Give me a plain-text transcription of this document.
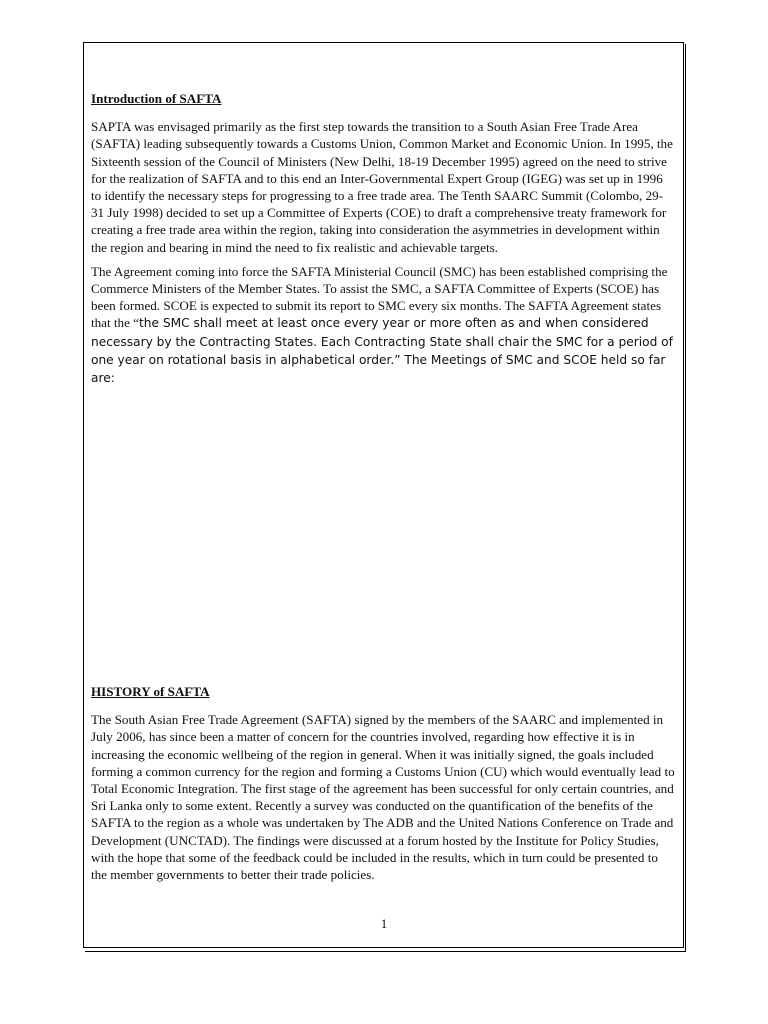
Introduction of SAFTA

SAPTA was envisaged primarily as the first step towards the transition to a South Asian Free Trade Area (SAFTA) leading subsequently towards a Customs Union, Common Market and Economic Union. In 1995, the Sixteenth session of the Council of Ministers (New Delhi, 18-19 December 1995) agreed on the need to strive for the realization of SAFTA and to this end an Inter-Governmental Expert Group (IGEG) was set up in 1996 to identify the necessary steps for progressing to a free trade area. The Tenth SAARC Summit (Colombo, 29-31 July 1998) decided to set up a Committee of Experts (COE) to draft a comprehensive treaty framework for creating a free trade area within the region, taking into consideration the asymmetries in development within the region and bearing in mind the need to fix realistic and achievable targets.

The Agreement coming into force the SAFTA Ministerial Council (SMC) has been established comprising the Commerce Ministers of the Member States. To assist the SMC, a SAFTA Committee of Experts (SCOE) has been formed. SCOE is expected to submit its report to SMC every six months. The SAFTA Agreement states that the “the SMC shall meet at least once every year or more often as and when considered necessary by the Contracting States. Each Contracting State shall chair the SMC for a period of one year on rotational basis in alphabetical order.” The Meetings of SMC and SCOE held so far are:

HISTORY of SAFTA

The South Asian Free Trade Agreement (SAFTA) signed by the members of the SAARC and implemented in July 2006, has since been a matter of concern for the countries involved, regarding how effective it is in increasing the economic wellbeing of the region in general. When it was initially signed, the goals included forming a common currency for the region and forming a Customs Union (CU) which would eventually lead to Total Economic Integration. The first stage of the agreement has been successful for only certain countries, and Sri Lanka only to some extent. Recently a survey was conducted on the quantification of the benefits of the SAFTA to the region as a whole was undertaken by The ADB and the United Nations Conference on Trade and Development (UNCTAD). The findings were discussed at a forum hosted by the Institute for Policy Studies, with the hope that some of the feedback could be included in the results, which in turn could be presented to the member governments to better their trade policies.

1
